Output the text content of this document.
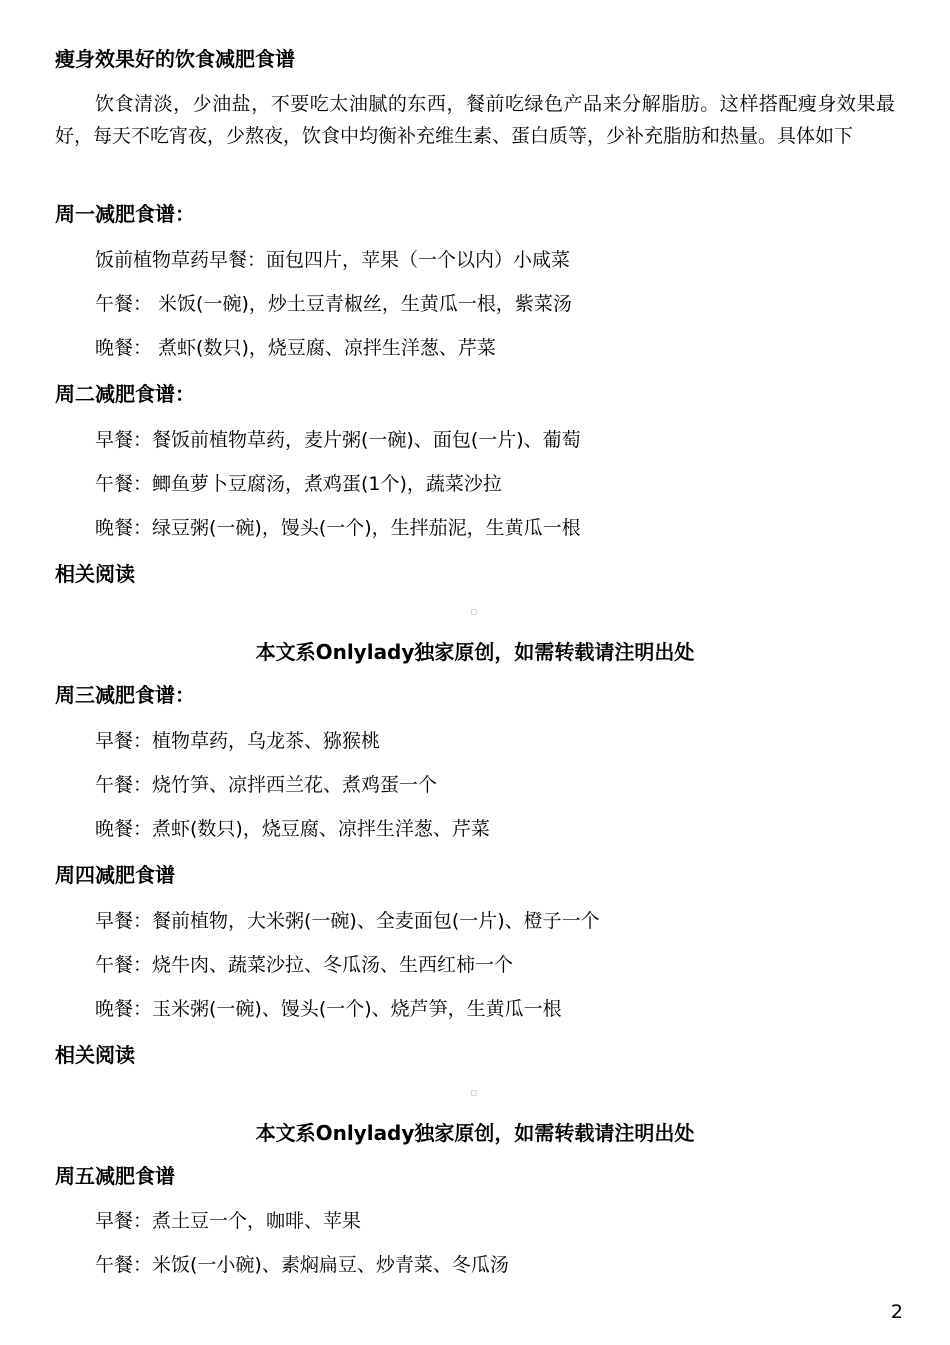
瘦身效果好的饮食减肥食谱
饮食清淡，少油盐，不要吃太油腻的东西，餐前吃绿色产品来分解脂肪。这样搭配瘦身效果最好，每天不吃宵夜，少熬夜，饮食中均衡补充维生素、蛋白质等，少补充脂肪和热量。具体如下
周一减肥食谱：
饭前植物草药早餐：面包四片，苹果（一个以内）小咸菜
午餐： 米饭(一碗)，炒土豆青椒丝，生黄瓜一根，紫菜汤
晚餐： 煮虾(数只)，烧豆腐、凉拌生洋葱、芹菜
周二减肥食谱：
早餐：餐饭前植物草药，麦片粥(一碗)、面包(一片)、葡萄
午餐：鲫鱼萝卜豆腐汤，煮鸡蛋(1个)，蔬菜沙拉
晚餐：绿豆粥(一碗)，馒头(一个)，生拌茄泥，生黄瓜一根
相关阅读
本文系Onlylady独家原创，如需转载请注明出处
周三减肥食谱：
早餐：植物草药，乌龙茶、猕猴桃
午餐：烧竹笋、凉拌西兰花、煮鸡蛋一个
晚餐：煮虾(数只)，烧豆腐、凉拌生洋葱、芹菜
周四减肥食谱
早餐：餐前植物，大米粥(一碗)、全麦面包(一片)、橙子一个
午餐：烧牛肉、蔬菜沙拉、冬瓜汤、生西红柿一个
晚餐：玉米粥(一碗)、馒头(一个)、烧芦笋，生黄瓜一根
相关阅读
本文系Onlylady独家原创，如需转载请注明出处
周五减肥食谱
早餐：煮土豆一个，咖啡、苹果
午餐：米饭(一小碗)、素焖扁豆、炒青菜、冬瓜汤
2
